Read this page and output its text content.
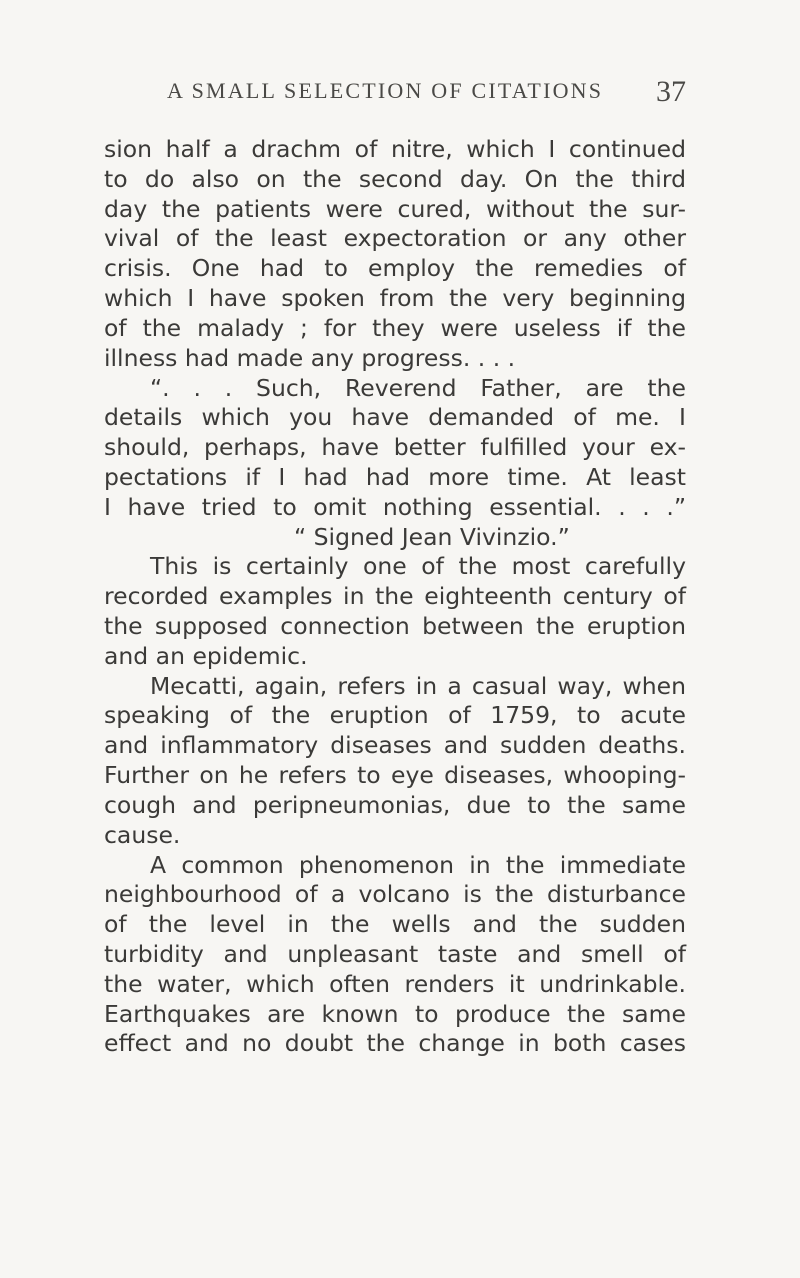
A SMALL SELECTION OF CITATIONS 37
sion half a drachm of nitre, which I continued
to do also on the second day. On the third
day the patients were cured, without the sur-
vival of the least expectoration or any other
crisis. One had to employ the remedies of
which I have spoken from the very beginning
of the malady ; for they were useless if the
illness had made any progress. . . .
“. . . Such, Reverend Father, are the
details which you have demanded of me. I
should, perhaps, have better fulfilled your ex-
pectations if I had had more time. At least
I have tried to omit nothing essential. . . .”
“ Signed Jean Vivinzio.”
This is certainly one of the most carefully
recorded examples in the eighteenth century of
the supposed connection between the eruption
and an epidemic.
Mecatti, again, refers in a casual way, when
speaking of the eruption of 1759, to acute
and inflammatory diseases and sudden deaths.
Further on he refers to eye diseases, whooping-
cough and peripneumonias, due to the same
cause.
A common phenomenon in the immediate
neighbourhood of a volcano is the disturbance
of the level in the wells and the sudden
turbidity and unpleasant taste and smell of
the water, which often renders it undrinkable.
Earthquakes are known to produce the same
effect and no doubt the change in both cases
